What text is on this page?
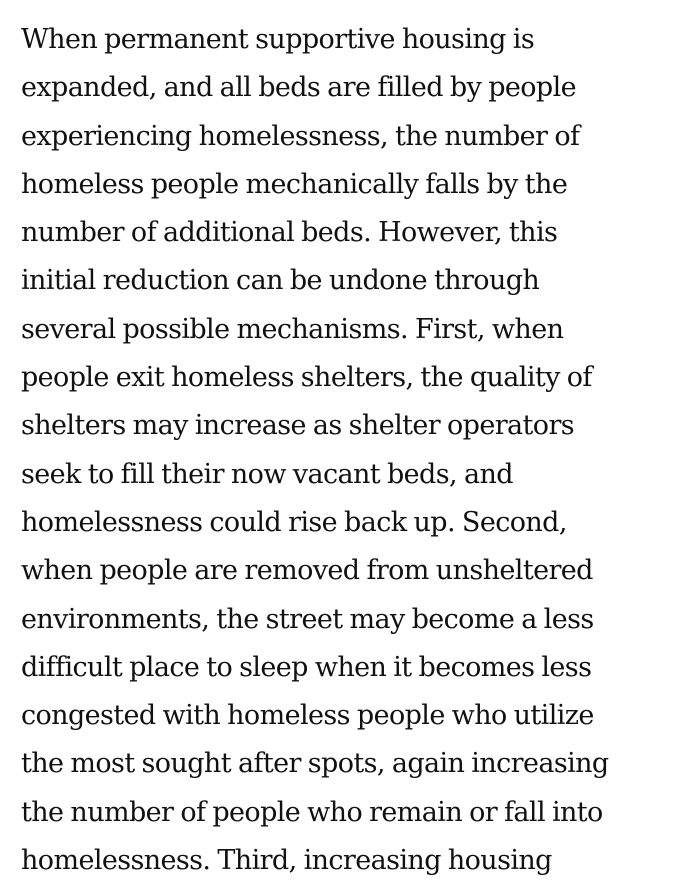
When permanent supportive housing is
expanded, and all beds are filled by people
experiencing homelessness, the number of
homeless people mechanically falls by the
number of additional beds. However, this
initial reduction can be undone through
several possible mechanisms. First, when
people exit homeless shelters, the quality of
shelters may increase as shelter operators
seek to fill their now vacant beds, and
homelessness could rise back up. Second,
when people are removed from unsheltered
environments, the street may become a less
difficult place to sleep when it becomes less
congested with homeless people who utilize
the most sought after spots, again increasing
the number of people who remain or fall into
homelessness. Third, increasing housing
